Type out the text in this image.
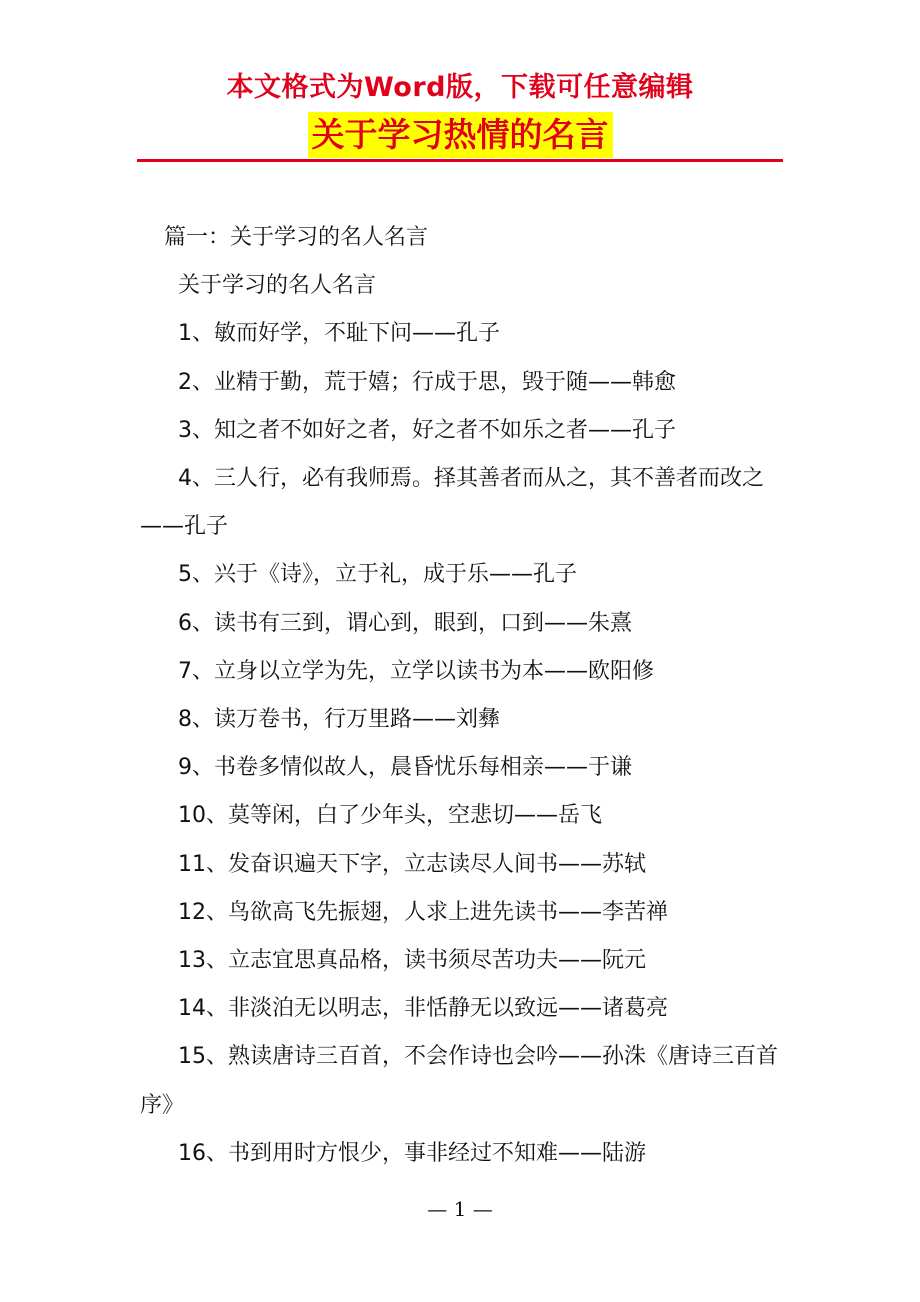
本文格式为Word版，下载可任意编辑
关于学习热情的名言

篇一：关于学习的名人名言

关于学习的名人名言

1、敏而好学，不耻下问——孔子

2、业精于勤，荒于嬉；行成于思，毁于随——韩愈

3、知之者不如好之者，好之者不如乐之者——孔子

4、三人行，必有我师焉。择其善者而从之，其不善者而改之——孔子

5、兴于《诗》，立于礼，成于乐——孔子

6、读书有三到，谓心到，眼到，口到——朱熹

7、立身以立学为先，立学以读书为本——欧阳修

8、读万卷书，行万里路——刘彝

9、书卷多情似故人，晨昏忧乐每相亲——于谦

10、莫等闲，白了少年头，空悲切——岳飞

11、发奋识遍天下字，立志读尽人间书——苏轼

12、鸟欲高飞先振翅，人求上进先读书——李苦禅

13、立志宜思真品格，读书须尽苦功夫——阮元

14、非淡泊无以明志，非恬静无以致远——诸葛亮

15、熟读唐诗三百首，不会作诗也会吟——孙洙《唐诗三百首序》

16、书到用时方恨少，事非经过不知难——陆游

— 1 —
